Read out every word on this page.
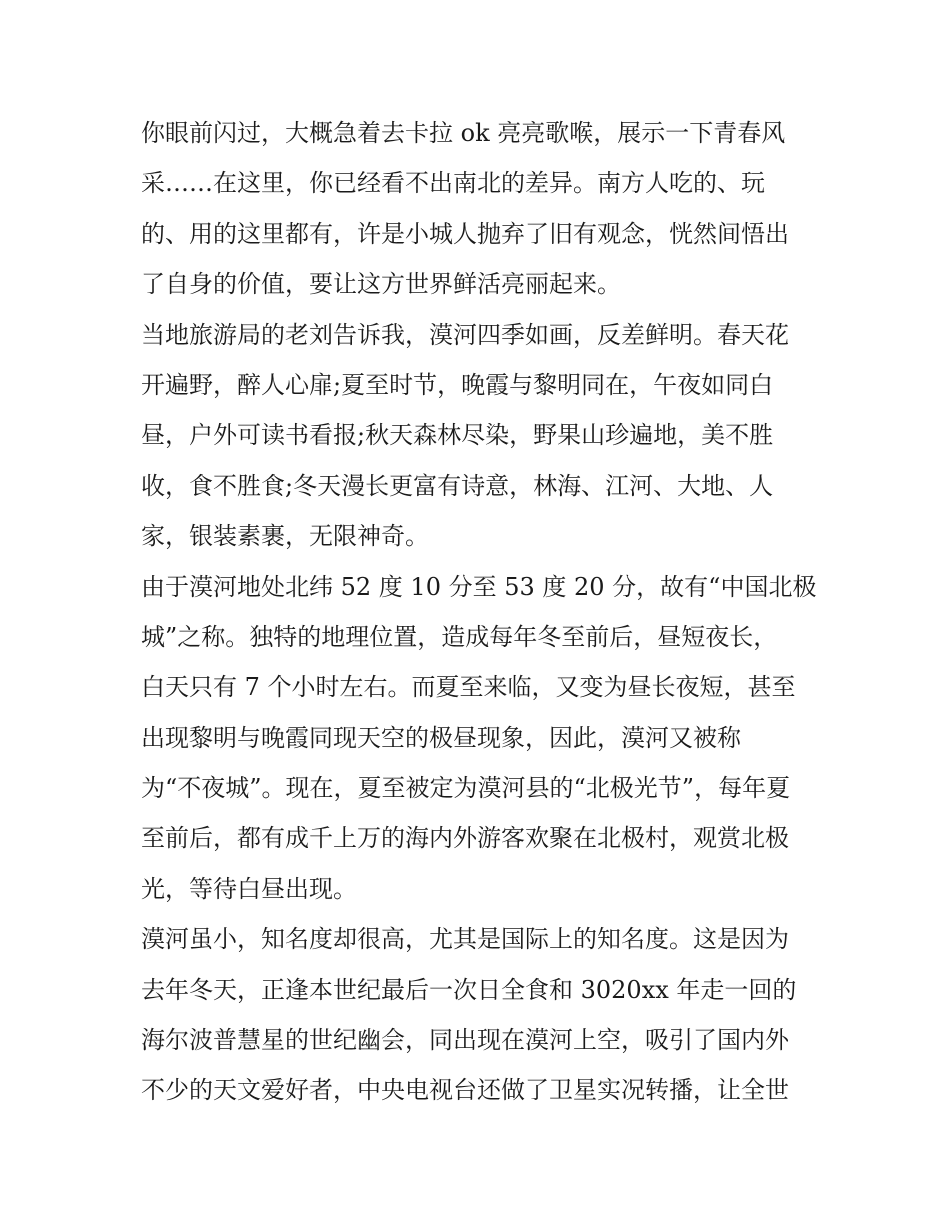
你眼前闪过，大概急着去卡拉 ok 亮亮歌喉，展示一下青春风
采……在这里，你已经看不出南北的差异。南方人吃的、玩
的、用的这里都有，许是小城人抛弃了旧有观念，恍然间悟出
了自身的价值，要让这方世界鲜活亮丽起来。
当地旅游局的老刘告诉我，漠河四季如画，反差鲜明。春天花
开遍野，醉人心扉;夏至时节，晚霞与黎明同在，午夜如同白
昼，户外可读书看报;秋天森林尽染，野果山珍遍地，美不胜
收，食不胜食;冬天漫长更富有诗意，林海、江河、大地、人
家，银装素裹，无限神奇。
由于漠河地处北纬 52 度 10 分至 53 度 20 分，故有“中国北极
城”之称。独特的地理位置，造成每年冬至前后，昼短夜长，
白天只有 7 个小时左右。而夏至来临，又变为昼长夜短，甚至
出现黎明与晚霞同现天空的极昼现象，因此，漠河又被称
为“不夜城”。现在，夏至被定为漠河县的“北极光节”，每年夏
至前后，都有成千上万的海内外游客欢聚在北极村，观赏北极
光，等待白昼出现。
漠河虽小，知名度却很高，尤其是国际上的知名度。这是因为
去年冬天，正逢本世纪最后一次日全食和 3020xx 年走一回的
海尔波普慧星的世纪幽会，同出现在漠河上空，吸引了国内外
不少的天文爱好者，中央电视台还做了卫星实况转播，让全世
